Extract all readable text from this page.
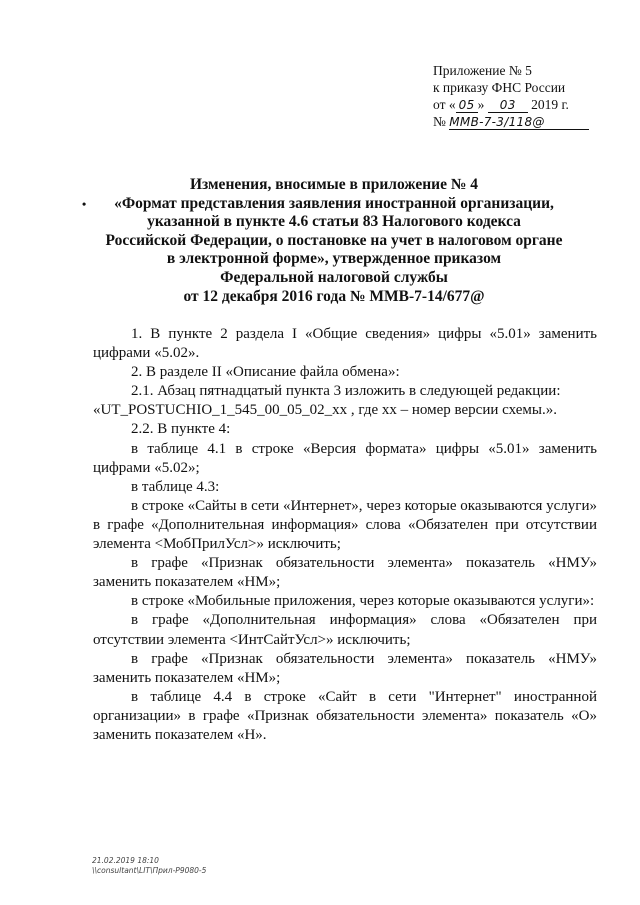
Приложение № 5
к приказу ФНС России
от « 05 » 03 2019 г.
№ ММВ-7-3/118@
•
Изменения, вносимые в приложение № 4
«Формат представления заявления иностранной организации,
указанной в пункте 4.6 статьи 83 Налогового кодекса
Российской Федерации, о постановке на учет в налоговом органе
в электронной форме», утвержденное приказом
Федеральной налоговой службы
от 12 декабря 2016 года № ММВ-7-14/677@

1. В пункте 2 раздела I «Общие сведения» цифры «5.01» заменить цифрами «5.02».

2. В разделе II «Описание файла обмена»:

2.1. Абзац пятнадцатый пункта 3 изложить в следующей редакции:

«UT_POSTUCHIO_1_545_00_05_02_xx , где хх – номер версии схемы.».

2.2. В пункте 4:

в таблице 4.1 в строке «Версия формата» цифры «5.01» заменить цифрами «5.02»;

в таблице 4.3:

в строке «Сайты в сети «Интернет», через которые оказываются услуги» в графе «Дополнительная информация» слова «Обязателен при отсутствии элемента <МобПрилУсл>» исключить;

в графе «Признак обязательности элемента» показатель «НМУ» заменить показателем «НМ»;

в строке «Мобильные приложения, через которые оказываются услуги»:

в графе «Дополнительная информация» слова «Обязателен при отсутствии элемента <ИнтСайтУсл>» исключить;

в графе «Признак обязательности элемента» показатель «НМУ» заменить показателем «НМ»;

в таблице 4.4 в строке «Сайт в сети "Интернет" иностранной организации» в графе «Признак обязательности элемента» показатель «О» заменить показателем «Н».

21.02.2019 18:10
\\consultant\LIT\Прил-Р9080-5
